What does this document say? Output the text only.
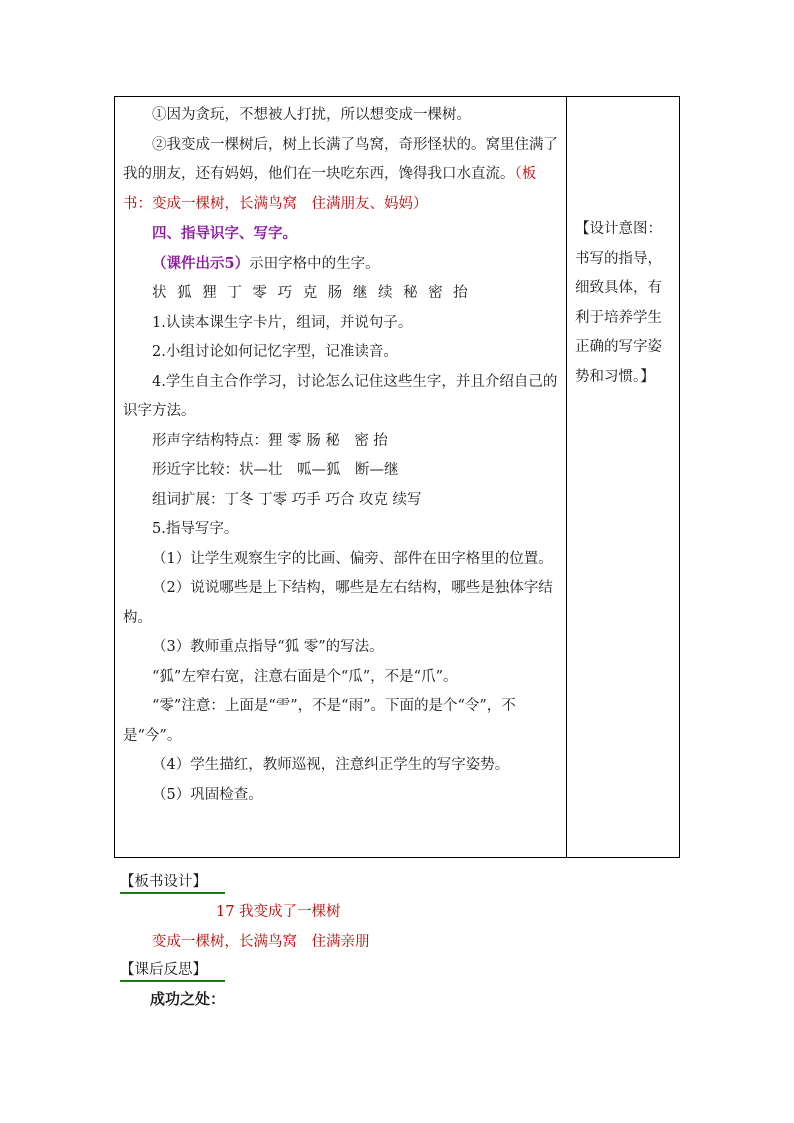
①因为贪玩，不想被人打扰，所以想变成一棵树。

②我变成一棵树后，树上长满了鸟窝，奇形怪状的。窝里住满了我的朋友，还有妈妈，他们在一块吃东西，馋得我口水直流。（板书：变成一棵树，长满鸟窝　住满朋友、妈妈）

四、指导识字、写字。

（课件出示5）示田字格中的生字。

状 狐 狸 丁 零 巧 克 肠 继 续 秘 密 抬

1.认读本课生字卡片，组词，并说句子。

2.小组讨论如何记忆字型，记准读音。

4.学生自主合作学习，讨论怎么记住这些生字，并且介绍自己的识字方法。

形声字结构特点：狸 零 肠 秘　密 抬

形近字比较：状—壮　呱—狐　断—继

组词扩展：丁冬 丁零 巧手 巧合 攻克 续写

5.指导写字。

（1）让学生观察生字的比画、偏旁、部件在田字格里的位置。

（2）说说哪些是上下结构，哪些是左右结构，哪些是独体字结构。

（3）教师重点指导“狐 零”的写法。

“狐”左窄右宽，注意右面是个“瓜”，不是“爪”。

“零”注意：上面是“⻗”，不是“雨”。下面的是个“令”，不是“今”。

（4）学生描红，教师巡视，注意纠正学生的写字姿势。

（5）巩固检查。

【设计意图：书写的指导，细致具体，有利于培养学生正确的写字姿势和习惯。】

【板书设计】
17 我变成了一棵树
变成一棵树，长满鸟窝　住满亲朋
【课后反思】
成功之处：
